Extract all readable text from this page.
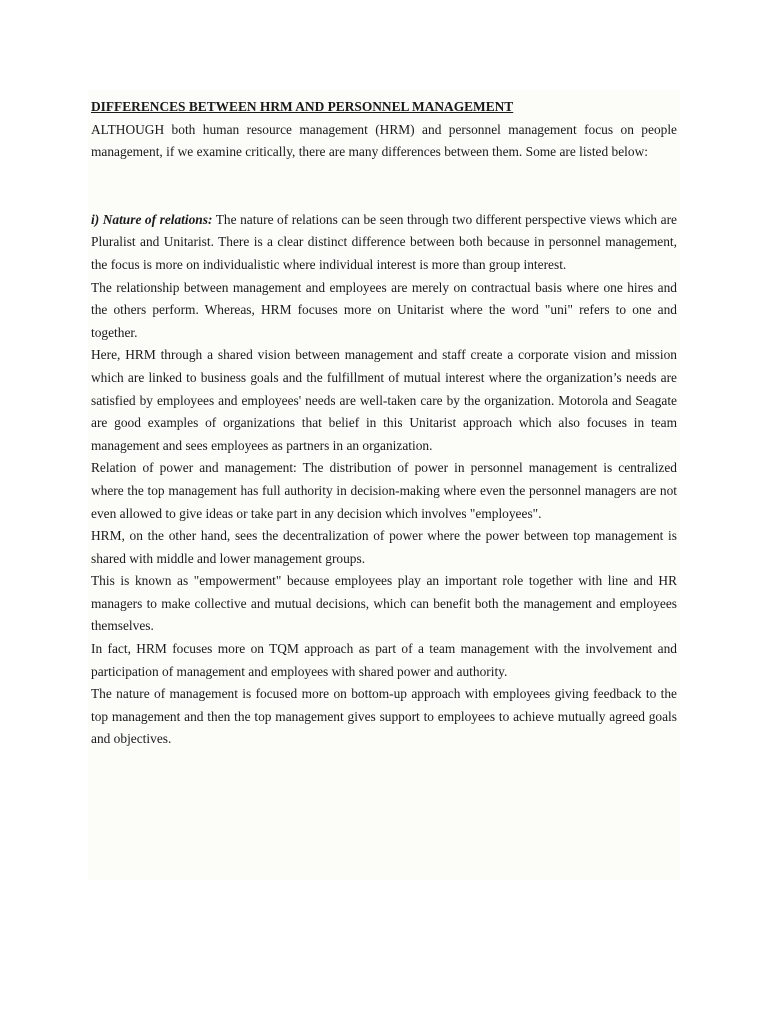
DIFFERENCES BETWEEN HRM AND PERSONNEL MANAGEMENT

ALTHOUGH both human resource management (HRM) and personnel management focus on people management, if we examine critically, there are many differences between them. Some are listed below:

i) Nature of relations: The nature of relations can be seen through two different perspective views which are Pluralist and Unitarist. There is a clear distinct difference between both because in personnel management, the focus is more on individualistic where individual interest is more than group interest.

The relationship between management and employees are merely on contractual basis where one hires and the others perform. Whereas, HRM focuses more on Unitarist where the word "uni" refers to one and together.

Here, HRM through a shared vision between management and staff create a corporate vision and mission which are linked to business goals and the fulfillment of mutual interest where the organization’s needs are satisfied by employees and employees' needs are well-taken care by the organization. Motorola and Seagate are good examples of organizations that belief in this Unitarist approach which also focuses in team management and sees employees as partners in an organization.

Relation of power and management: The distribution of power in personnel management is centralized where the top management has full authority in decision-making where even the personnel managers are not even allowed to give ideas or take part in any decision which involves "employees".

HRM, on the other hand, sees the decentralization of power where the power between top management is shared with middle and lower management groups.

This is known as "empowerment" because employees play an important role together with line and HR managers to make collective and mutual decisions, which can benefit both the management and employees themselves.

In fact, HRM focuses more on TQM approach as part of a team management with the involvement and participation of management and employees with shared power and authority.

The nature of management is focused more on bottom-up approach with employees giving feedback to the top management and then the top management gives support to employees to achieve mutually agreed goals and objectives.
